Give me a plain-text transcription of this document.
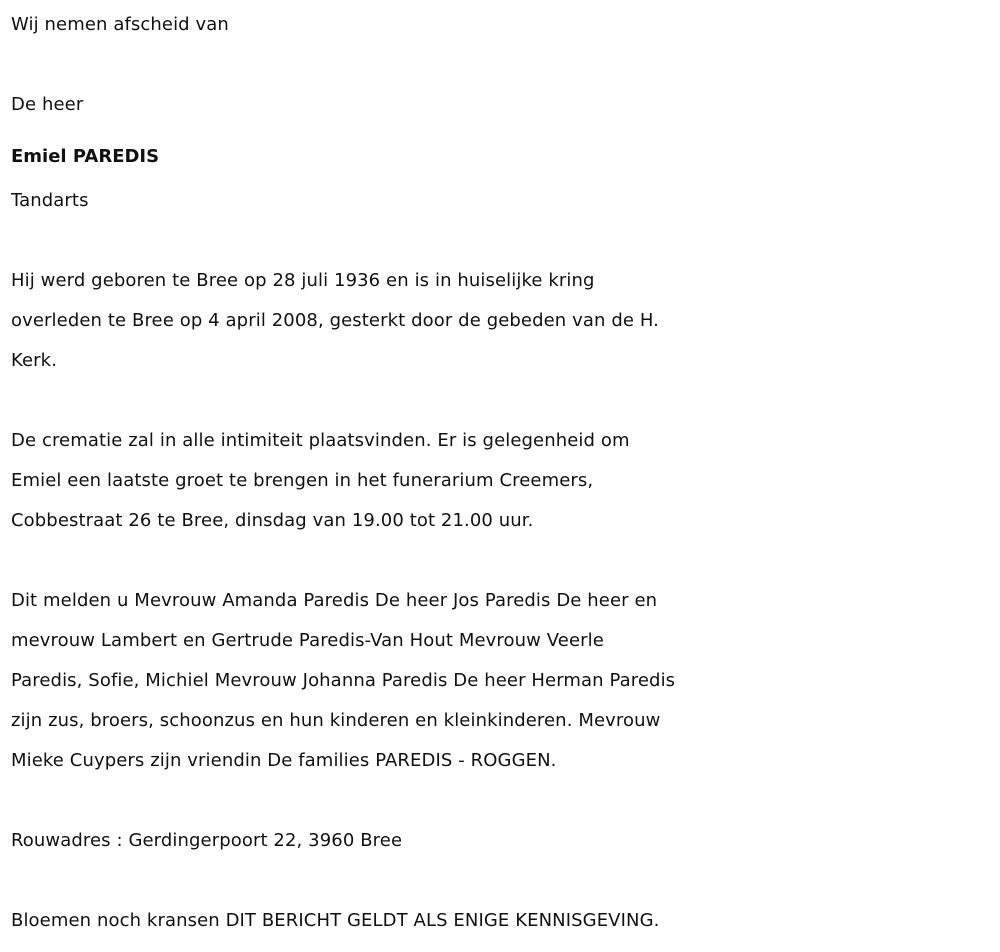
Wij nemen afscheid van
De heer
Emiel PAREDIS
Tandarts
Hij werd geboren te Bree op 28 juli 1936 en is in huiselijke kring
overleden te Bree op 4 april 2008, gesterkt door de gebeden van de H.
Kerk.
De crematie zal in alle intimiteit plaatsvinden. Er is gelegenheid om
Emiel een laatste groet te brengen in het funerarium Creemers,
Cobbestraat 26 te Bree, dinsdag van 19.00 tot 21.00 uur.
Dit melden u Mevrouw Amanda Paredis De heer Jos Paredis De heer en
mevrouw Lambert en Gertrude Paredis-Van Hout Mevrouw Veerle
Paredis, Sofie, Michiel Mevrouw Johanna Paredis De heer Herman Paredis
zijn zus, broers, schoonzus en hun kinderen en kleinkinderen. Mevrouw
Mieke Cuypers zijn vriendin De families PAREDIS - ROGGEN.
Rouwadres : Gerdingerpoort 22, 3960 Bree
Bloemen noch kransen DIT BERICHT GELDT ALS ENIGE KENNISGEVING.
